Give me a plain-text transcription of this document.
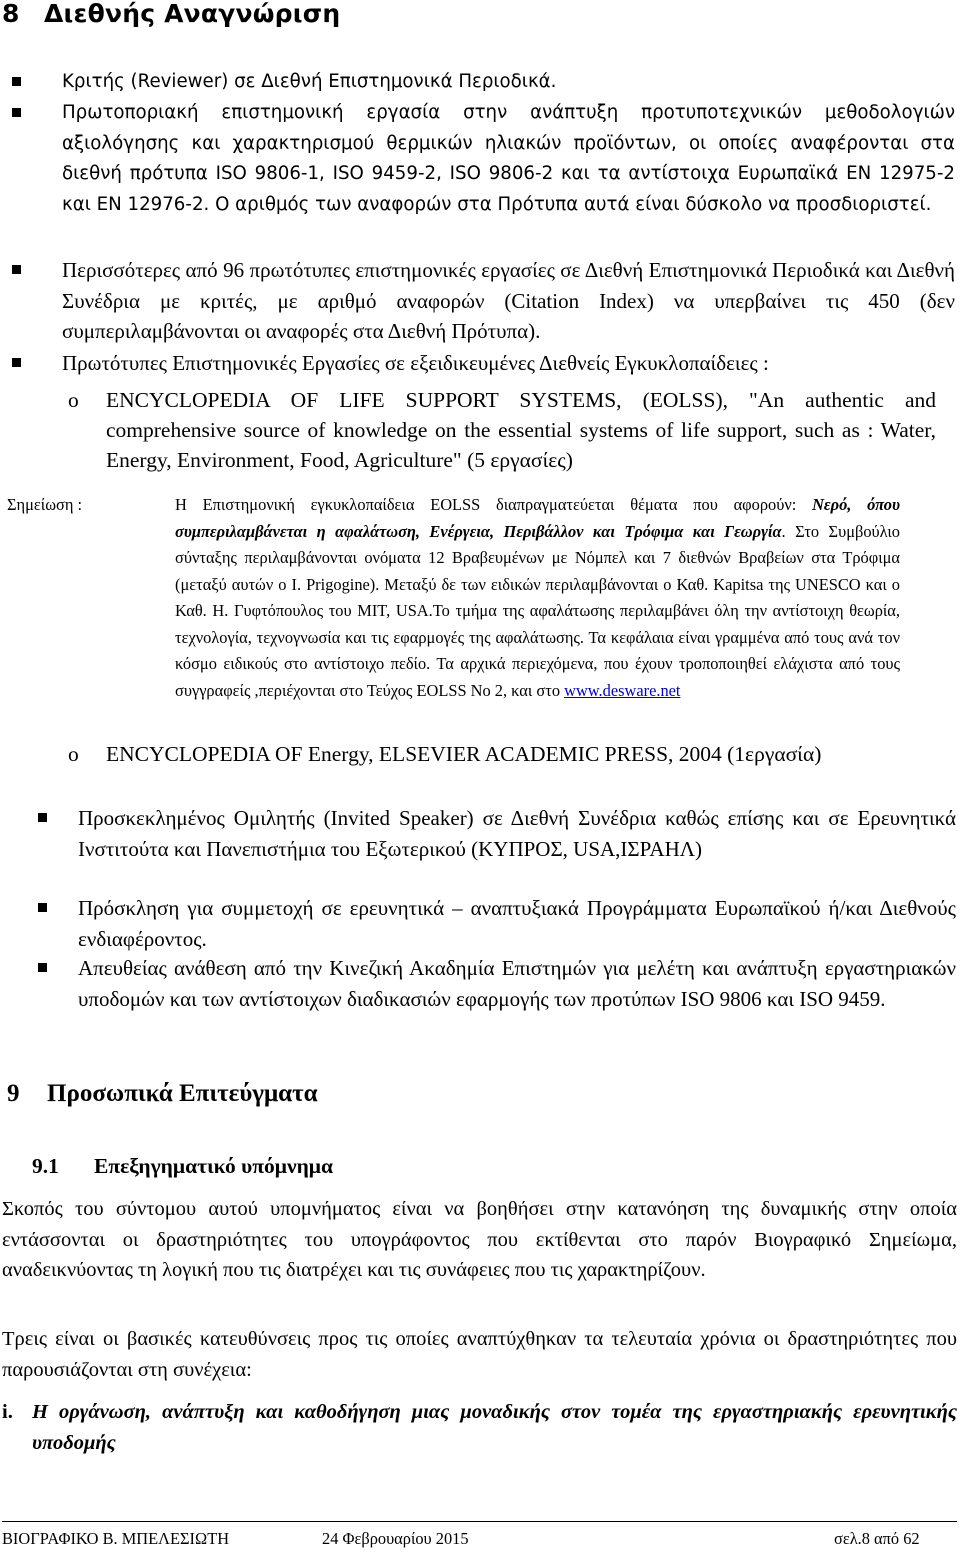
8 Διεθνής Αναγνώριση

Κριτής (Reviewer) σε Διεθνή Επιστημονικά Περιοδικά.

Πρωτοποριακή επιστημονική εργασία στην ανάπτυξη προτυποτεχνικών μεθοδολογιών αξιολόγησης και χαρακτηρισμού θερμικών ηλιακών προϊόντων, οι οποίες αναφέρονται στα διεθνή πρότυπα ISO 9806-1, ISO 9459-2, ISO 9806-2 και τα αντίστοιχα Ευρωπαϊκά EN 12975-2 και EN 12976-2. Ο αριθμός των αναφορών στα Πρότυπα αυτά είναι δύσκολο να προσδιοριστεί.

Περισσότερες από 96 πρωτότυπες επιστημονικές εργασίες σε Διεθνή Επιστημονικά Περιοδικά και Διεθνή Συνέδρια με κριτές, με αριθμό αναφορών (Citation Index) να υπερβαίνει τις 450 (δεν συμπεριλαμβάνονται οι αναφορές στα Διεθνή Πρότυπα).

Πρωτότυπες Επιστημονικές Εργασίες σε εξειδικευμένες Διεθνείς Εγκυκλοπαίδειες :

o ENCYCLOPEDIA OF LIFE SUPPORT SYSTEMS, (EOLSS), "An authentic and comprehensive source of knowledge on the essential systems of life support, such as : Water, Energy, Environment, Food, Agriculture" (5 εργασίες)
Σημείωση :	Η Επιστημονική εγκυκλοπαίδεια EOLSS διαπραγματεύεται θέματα που αφορούν: Νερό, όπου συμπεριλαμβάνεται η αφαλάτωση, Ενέργεια, Περιβάλλον και Τρόφιμα και Γεωργία. Στο Συμβούλιο σύνταξης περιλαμβάνονται ονόματα 12 Βραβευμένων με Νόμπελ και 7 διεθνών Βραβείων στα Τρόφιμα (μεταξύ αυτών ο I. Prigogine). Μεταξύ δε των ειδικών περιλαμβάνονται ο Καθ. Kapitsa της UNESCO και ο Καθ. Η. Γυφτόπουλος του MIT, USA.Το τμήμα της αφαλάτωσης περιλαμβάνει όλη την αντίστοιχη θεωρία, τεχνολογία, τεχνογνωσία και τις εφαρμογές της αφαλάτωσης. Τα κεφάλαια είναι γραμμένα από τους ανά τον κόσμο ειδικούς στο αντίστοιχο πεδίο. Τα αρχικά περιεχόμενα, που έχουν τροποποιηθεί ελάχιστα από τους συγγραφείς ,περιέχονται στο Τεύχος EOLSS No 2, και στο www.desware.net

o ENCYCLOPEDIA OF Energy, ELSEVIER ACADEMIC PRESS, 2004 (1εργασία)

Προσκεκλημένος Ομιλητής (Invited Speaker) σε Διεθνή Συνέδρια καθώς επίσης και σε Ερευνητικά Ινστιτούτα και Πανεπιστήμια του Εξωτερικού (ΚΥΠΡΟΣ, USA,ΙΣΡΑΗΛ)

Πρόσκληση για συμμετοχή σε ερευνητικά – αναπτυξιακά Προγράμματα Ευρωπαϊκού ή/και Διεθνούς ενδιαφέροντος.

Απευθείας ανάθεση από την Κινεζική Ακαδημία Επιστημών για μελέτη και ανάπτυξη εργαστηριακών υποδομών και των αντίστοιχων διαδικασιών εφαρμογής των προτύπων ISO 9806 και ISO 9459.

9 Προσωπικά Επιτεύγματα
9.1 Επεξηγηματικό υπόμνημα

Σκοπός του σύντομου αυτού υπομνήματος είναι να βοηθήσει στην κατανόηση της δυναμικής στην οποία εντάσσονται οι δραστηριότητες του υπογράφοντος που εκτίθενται στο παρόν Βιογραφικό Σημείωμα, αναδεικνύοντας τη λογική που τις διατρέχει και τις συνάφειες που τις χαρακτηρίζουν.

Τρεις είναι οι βασικές κατευθύνσεις προς τις οποίες αναπτύχθηκαν τα τελευταία χρόνια οι δραστηριότητες που παρουσιάζονται στη συνέχεια:

i. Η οργάνωση, ανάπτυξη και καθοδήγηση μιας μοναδικής στον τομέα της εργαστηριακής ερευνητικής υποδομής
ΒΙΟΓΡΑΦΙΚΟ Β. ΜΠΕΛΕΣΙΩΤΗ	24 Φεβρουαρίου 2015	σελ.8 από 62
